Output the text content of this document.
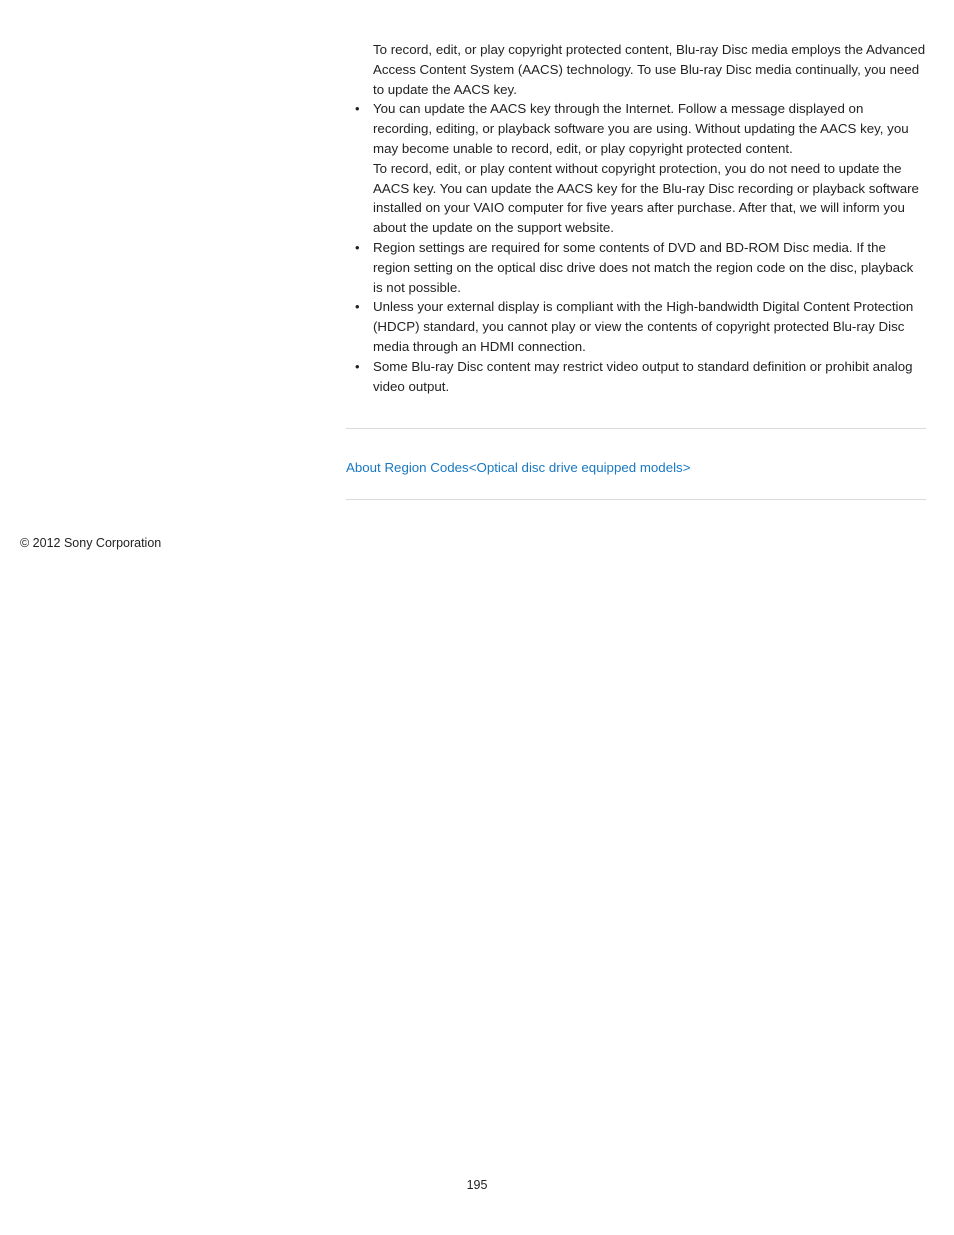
To record, edit, or play copyright protected content, Blu-ray Disc media employs the Advanced Access Content System (AACS) technology. To use Blu-ray Disc media continually, you need to update the AACS key.

• You can update the AACS key through the Internet. Follow a message displayed on recording, editing, or playback software you are using. Without updating the AACS key, you may become unable to record, edit, or play copyright protected content.

To record, edit, or play content without copyright protection, you do not need to update the AACS key. You can update the AACS key for the Blu-ray Disc recording or playback software installed on your VAIO computer for five years after purchase. After that, we will inform you about the update on the support website.

• Region settings are required for some contents of DVD and BD-ROM Disc media. If the region setting on the optical disc drive does not match the region code on the disc, playback is not possible.

• Unless your external display is compliant with the High-bandwidth Digital Content Protection (HDCP) standard, you cannot play or view the contents of copyright protected Blu-ray Disc media through an HDMI connection.

• Some Blu-ray Disc content may restrict video output to standard definition or prohibit analog video output.

About Region Codes<Optical disc drive equipped models>
© 2012 Sony Corporation
195
